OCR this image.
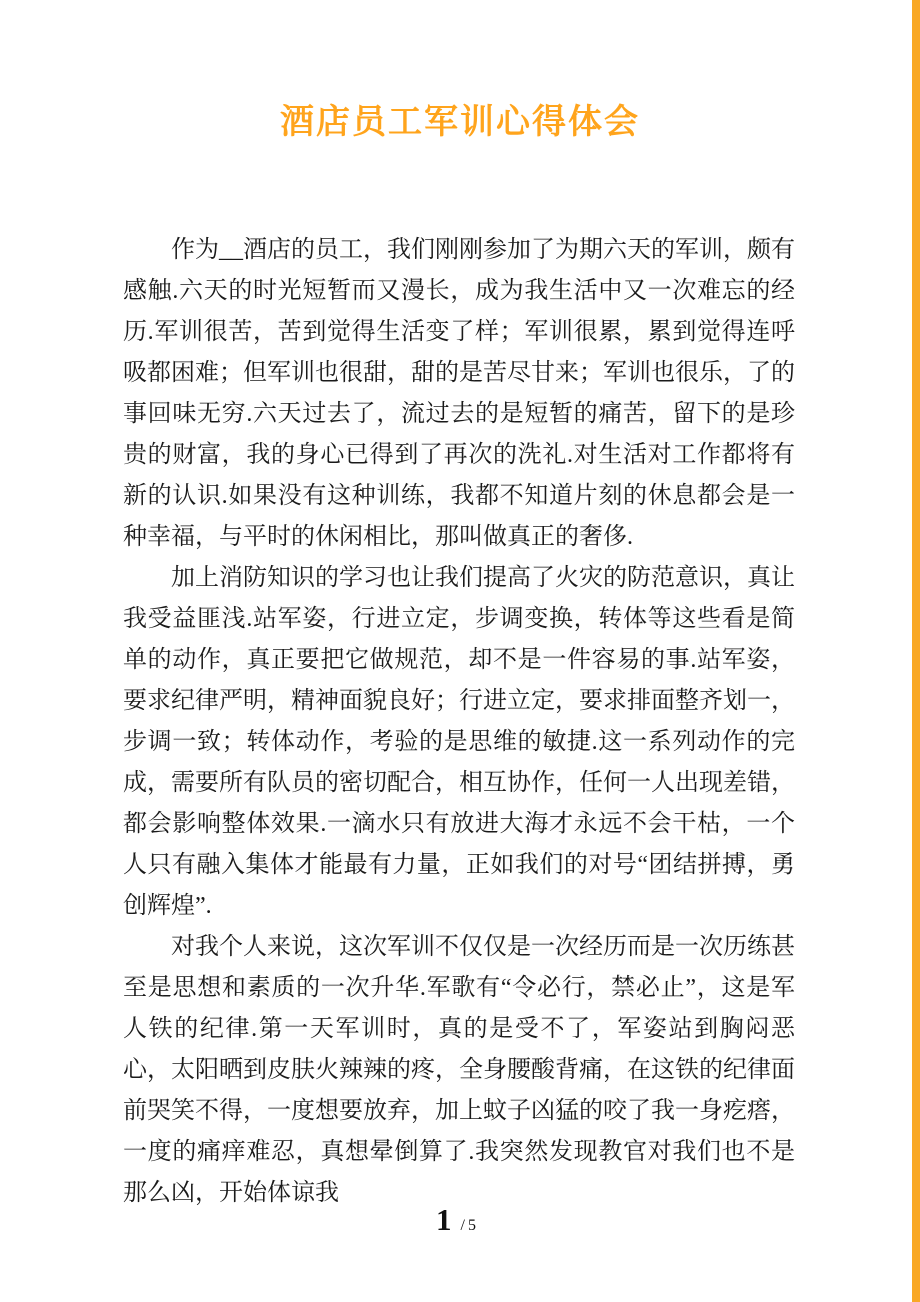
酒店员工军训心得体会

作为__酒店的员工，我们刚刚参加了为期六天的军训，颇有感触.六天的时光短暂而又漫长，成为我生活中又一次难忘的经历.军训很苦，苦到觉得生活变了样；军训很累，累到觉得连呼吸都困难；但军训也很甜，甜的是苦尽甘来；军训也很乐，了的事回味无穷.六天过去了，流过去的是短暂的痛苦，留下的是珍贵的财富，我的身心已得到了再次的洗礼.对生活对工作都将有新的认识.如果没有这种训练，我都不知道片刻的休息都会是一种幸福，与平时的休闲相比，那叫做真正的奢侈.

加上消防知识的学习也让我们提高了火灾的防范意识，真让我受益匪浅.站军姿，行进立定，步调变换，转体等这些看是简单的动作，真正要把它做规范，却不是一件容易的事.站军姿，要求纪律严明，精神面貌良好；行进立定，要求排面整齐划一，步调一致；转体动作，考验的是思维的敏捷.这一系列动作的完成，需要所有队员的密切配合，相互协作，任何一人出现差错，都会影响整体效果.一滴水只有放进大海才永远不会干枯，一个人只有融入集体才能最有力量，正如我们的对号“团结拼搏，勇创辉煌”.

对我个人来说，这次军训不仅仅是一次经历而是一次历练甚至是思想和素质的一次升华.军歌有“令必行，禁必止”，这是军人铁的纪律.第一天军训时，真的是受不了，军姿站到胸闷恶心，太阳晒到皮肤火辣辣的疼，全身腰酸背痛，在这铁的纪律面前哭笑不得，一度想要放弃，加上蚊子凶猛的咬了我一身疙瘩，一度的痛痒难忍，真想晕倒算了.我突然发现教官对我们也不是那么凶，开始体谅我

1 / 5
